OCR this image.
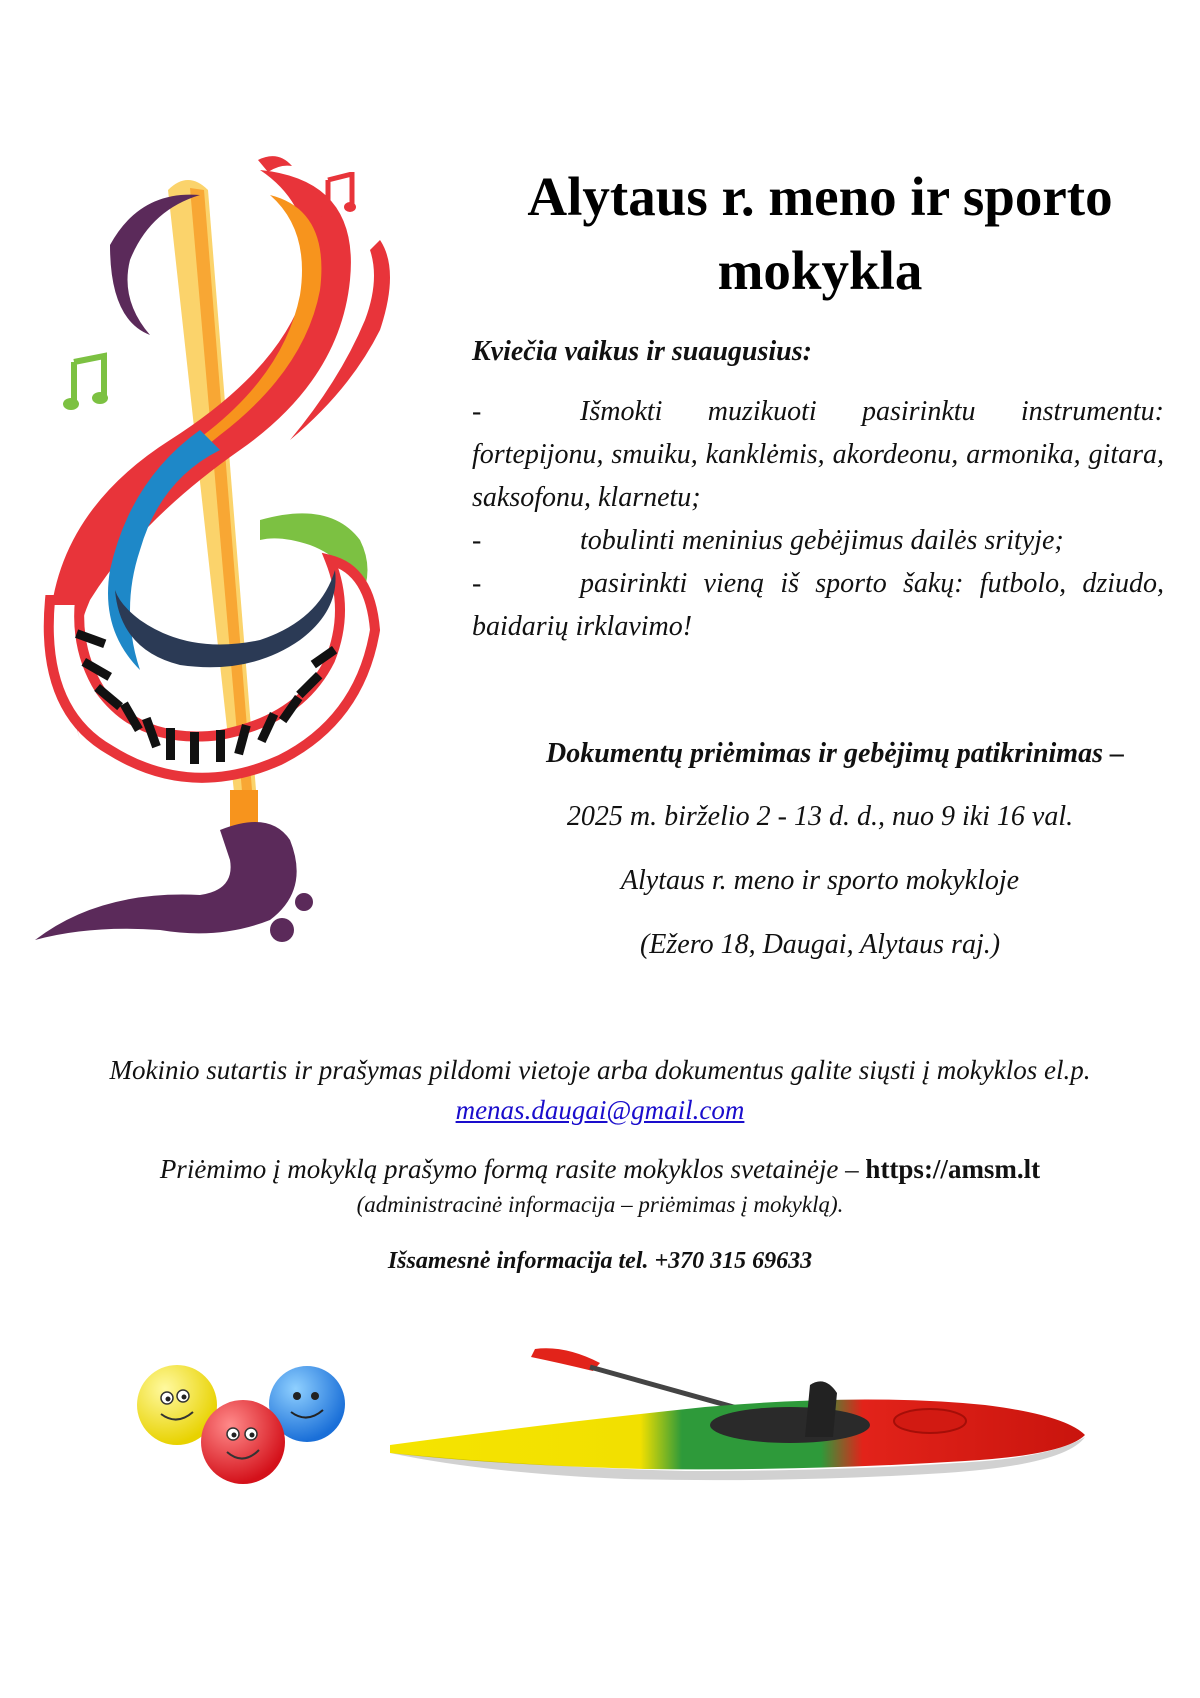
Alytaus r. meno ir sporto mokykla
Kviečia vaikus ir suaugusius:
-	Išmokti muzikuoti pasirinktu instrumentu: fortepijonu, smuiku, kanklėmis, akordeonu, armonika, gitara, saksofonu, klarnetu;
-	tobulinti meninius gebėjimus dailės srityje;
-	pasirinkti vieną iš sporto šakų: futbolo, dziudo, baidarių irklavimo!
Dokumentų priėmimas ir gebėjimų patikrinimas –
2025 m. birželio 2 - 13 d. d., nuo 9 iki 16 val.
Alytaus r. meno ir sporto mokykloje
(Ežero 18, Daugai, Alytaus raj.)
Mokinio sutartis ir prašymas pildomi vietoje arba dokumentus galite siųsti į mokyklos el.p. menas.daugai@gmail.com
Priėmimo į mokyklą prašymo formą rasite mokyklos svetainėje – https://amsm.lt
(administracinė informacija – priėmimas į mokyklą).
Išsamesnė informacija tel. +370 315 69633
